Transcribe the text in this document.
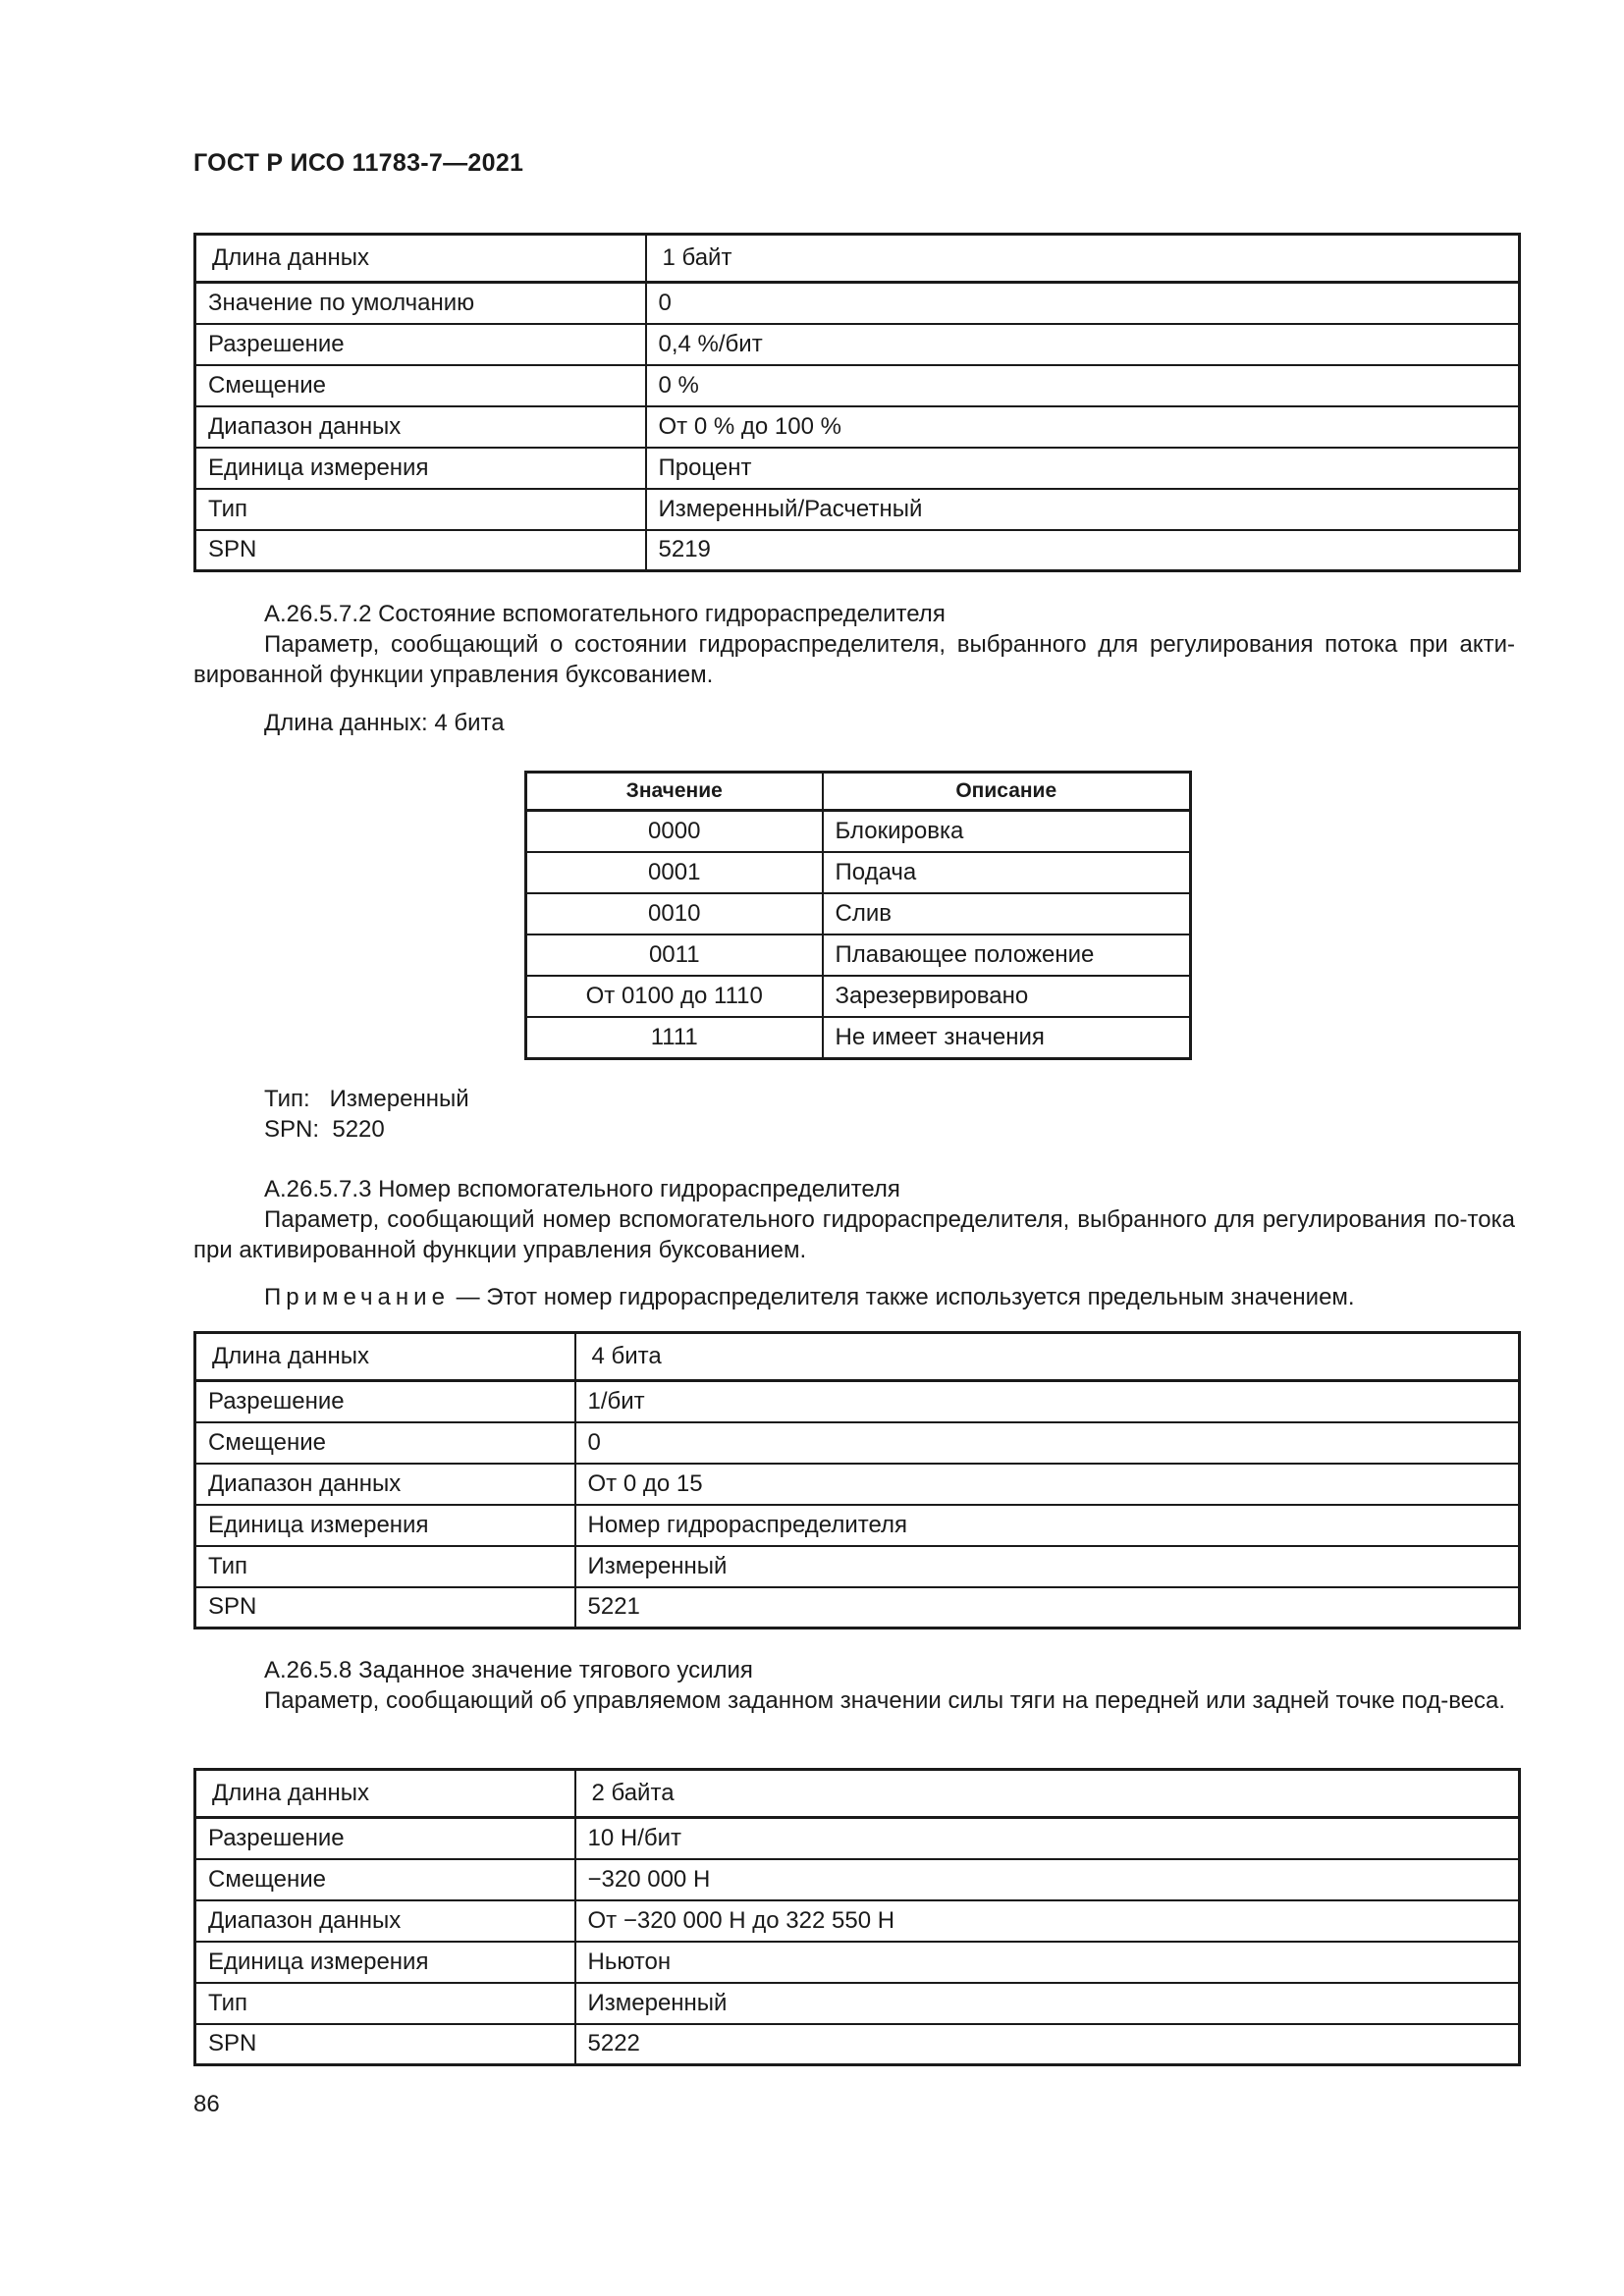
ГОСТ Р ИСО 11783-7—2021
Длина данных	1 байт
Значение по умолчанию	0
Разрешение	0,4 %/бит
Смещение	0 %
Диапазон данных	От 0 % до 100 %
Единица измерения	Процент
Тип	Измеренный/Расчетный
SPN	5219
А.26.5.7.2 Состояние вспомогательного гидрораспределителя
Параметр, сообщающий о состоянии гидрораспределителя, выбранного для регулирования потока при акти-вированной функции управления буксованием.
Длина данных: 4 бита
Значение	Описание
0000	Блокировка
0001	Подача
0010	Слив
0011	Плавающее положение
От 0100 до 1110	Зарезервировано
1111	Не имеет значения
Тип:   Измеренный
SPN:  5220
А.26.5.7.3 Номер вспомогательного гидрораспределителя
Параметр, сообщающий номер вспомогательного гидрораспределителя, выбранного для регулирования по-тока при активированной функции управления буксованием.
Примечание — Этот номер гидрораспределителя также используется предельным значением.
Длина данных	4 бита
Разрешение	1/бит
Смещение	0
Диапазон данных	От 0 до 15
Единица измерения	Номер гидрораспределителя
Тип	Измеренный
SPN	5221
А.26.5.8 Заданное значение тягового усилия
Параметр, сообщающий об управляемом заданном значении силы тяги на передней или задней точке под-веса.
Длина данных	2 байта
Разрешение	10 Н/бит
Смещение	−320 000 Н
Диапазон данных	От −320 000 Н до 322 550 Н
Единица измерения	Ньютон
Тип	Измеренный
SPN	5222
86
